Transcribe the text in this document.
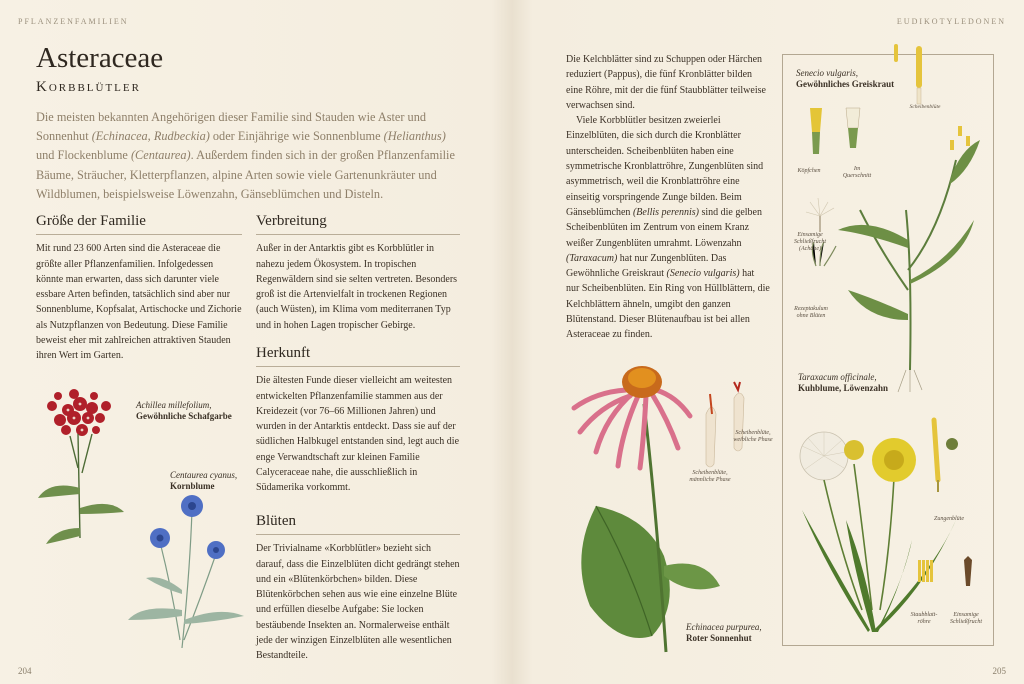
PFLANZENFAMILIEN
Asteraceae
Korbblütler

Die meisten bekannten Angehörigen dieser Familie sind Stauden wie Aster und Sonnenhut (Echinacea, Rudbeckia) oder Einjährige wie Sonnenblume (Helianthus) und Flockenblume (Centaurea). Außerdem finden sich in der großen Pflanzenfamilie Bäume, Sträucher, Kletterpflanzen, alpine Arten sowie viele Gartenunkräuter und Wildblumen, beispielsweise Löwenzahn, Gänseblümchen und Disteln.

Größe der Familie

Mit rund 23 600 Arten sind die Asteraceae die größte aller Pflanzenfamilien. Infolgedessen könnte man erwarten, dass sich darunter viele essbare Arten befinden, tatsächlich sind aber nur Sonnenblume, Kopfsalat, Artischocke und Zichorie als Nutzpflanzen von Bedeutung. Diese Familie beweist eher mit zahlreichen attraktiven Stauden ihren Wert im Garten.

Verbreitung

Außer in der Antarktis gibt es Korbblütler in nahezu jedem Ökosystem. In tropischen Regenwäldern sind sie selten vertreten. Besonders groß ist die Artenvielfalt in trockenen Regionen (auch Wüsten), im Klima vom mediterranen Typ und in hohen Lagen tropischer Gebirge.

Herkunft

Die ältesten Funde dieser vielleicht am weitesten entwickelten Pflanzenfamilie stammen aus der Kreidezeit (vor 76–66 Millionen Jahren) und wurden in der Antarktis entdeckt. Dass sie auf der südlichen Halbkugel entstanden sind, legt auch die enge Verwandtschaft zur kleinen Familie Calyceraceae nahe, die ausschließlich in Südamerika vorkommt.

Blüten

Der Trivialname «Korbblütler» bezieht sich darauf, dass die Einzelblüten dicht gedrängt stehen und ein «Blütenkörbchen» bilden. Diese Blütenkörbchen sehen aus wie eine einzelne Blüte und erfüllen dieselbe Aufgabe: Sie locken bestäubende Insekten an. Normalerweise enthält jede der winzigen Einzelblüten alle wesentlichen Bestandteile.

Achillea millefolium,
Gewöhnliche Schafgarbe
Centaurea cyanus,
Kornblume
204
EUDIKOTYLEDONEN

Die Kelchblätter sind zu Schuppen oder Härchen reduziert (Pappus), die fünf Kronblätter bilden eine Röhre, mit der die fünf Staubblätter teilweise verwachsen sind.

Viele Korbblütler besitzen zweierlei Einzelblüten, die sich durch die Kronblätter unterscheiden. Scheibenblüten haben eine symmetrische Kronblattröhre, Zungenblüten sind asymmetrisch, weil die Kronblattröhre eine einseitig vorspringende Zunge bilden. Beim Gänseblümchen (Bellis perennis) sind die gelben Scheibenblüten im Zentrum von einem Kranz weißer Zungenblüten umrahmt. Löwenzahn (Taraxacum) hat nur Zungenblüten. Das Gewöhnliche Greiskraut (Senecio vulgaris) hat nur Scheibenblüten. Ein Ring von Hüllblättern, die Kelchblättern ähneln, umgibt den ganzen Blütenstand. Dieser Blütenaufbau ist bei allen Asteraceae zu finden.

Scheibenblüte, männliche Phase
Scheibenblüte, weibliche Phase
Echinacea purpurea,
Roter Sonnenhut
Senecio vulgaris,
Gewöhnliches Greiskraut
Scheibenblüte
Köpfchen	Im Querschnitt
Einsamige Schließfrucht (Achäne)
Rezeptakulum ohne Blüten
Taraxacum officinale,
Kuhblume, Löwenzahn
Zungenblüte
Staubblatt-röhre
Einsamige Schließfrucht
205
